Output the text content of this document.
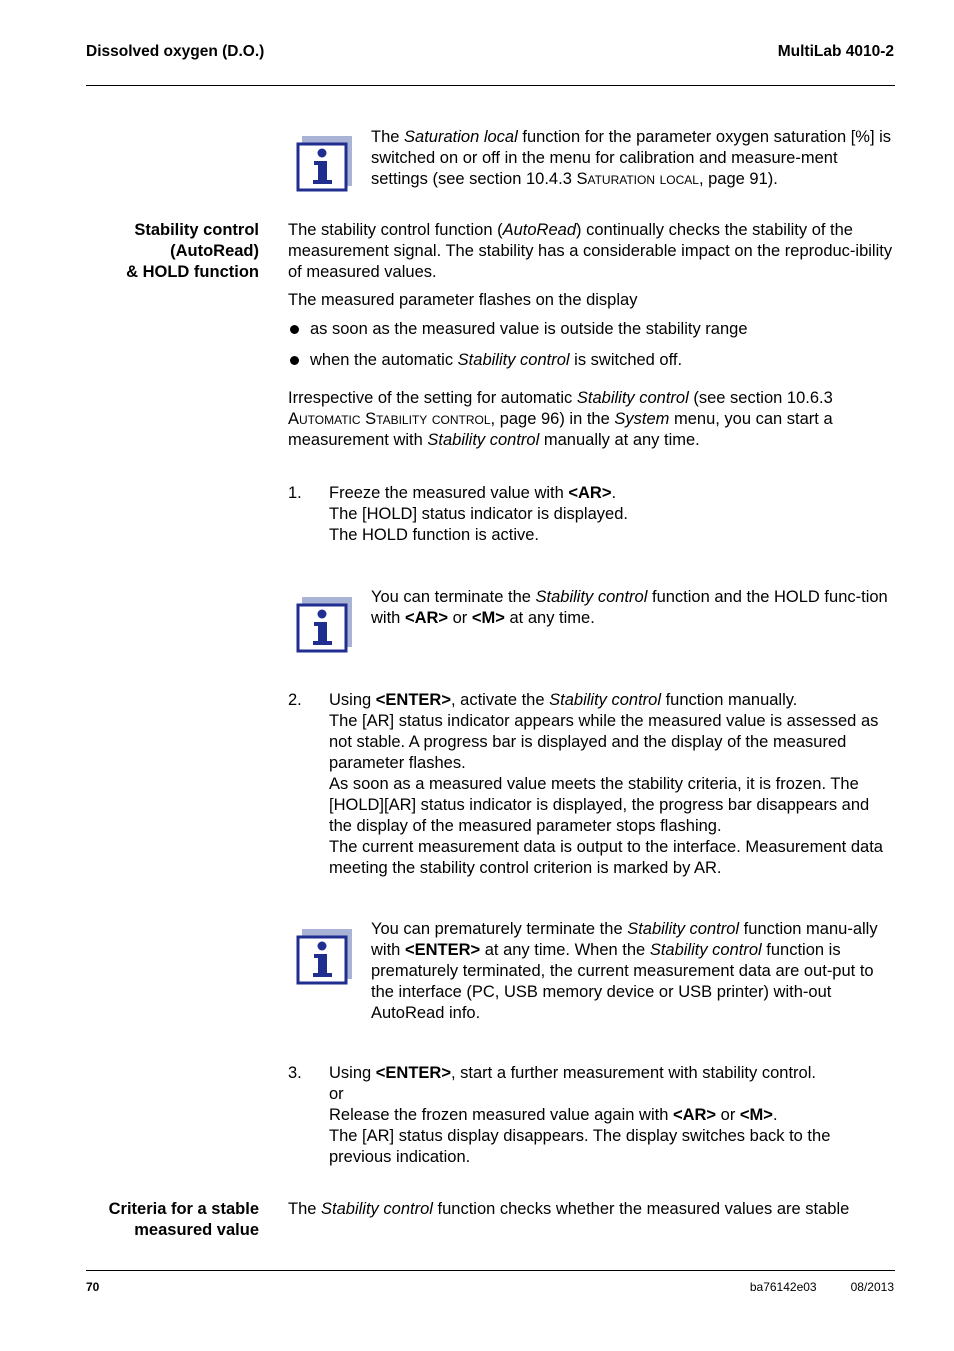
Dissolved oxygen (D.O.)	MultiLab 4010-2
The Saturation local function for the parameter oxygen saturation [%] is switched on or off in the menu for calibration and measure-ment settings (see section 10.4.3 Saturation local, page 91).
Stability control
(AutoRead)
& HOLD function
The stability control function (AutoRead) continually checks the stability of the measurement signal. The stability has a considerable impact on the reproduc-ibility of measured values.
The measured parameter flashes on the display
as soon as the measured value is outside the stability range
when the automatic Stability control is switched off.
Irrespective of the setting for automatic Stability control (see section 10.6.3 Automatic Stability control, page 96) in the System menu, you can start a measurement with Stability control manually at any time.
1. Freeze the measured value with <AR>.
The [HOLD] status indicator is displayed.
The HOLD function is active.
You can terminate the Stability control function and the HOLD func-tion with <AR> or <M> at any time.
2. Using <ENTER>, activate the Stability control function manually.
The [AR] status indicator appears while the measured value is assessed as not stable. A progress bar is displayed and the display of the measured parameter flashes.
As soon as a measured value meets the stability criteria, it is frozen. The [HOLD][AR] status indicator is displayed, the progress bar disappears and the display of the measured parameter stops flashing.
The current measurement data is output to the interface. Measurement data meeting the stability control criterion is marked by AR.
You can prematurely terminate the Stability control function manu-ally with <ENTER> at any time. When the Stability control function is prematurely terminated, the current measurement data are out-put to the interface (PC, USB memory device or USB printer) with-out AutoRead info.
3. Using <ENTER>, start a further measurement with stability control.
or
Release the frozen measured value again with <AR> or <M>.
The [AR] status display disappears. The display switches back to the previous indication.
Criteria for a stable
measured value
The Stability control function checks whether the measured values are stable
70	ba76142e03	08/2013
